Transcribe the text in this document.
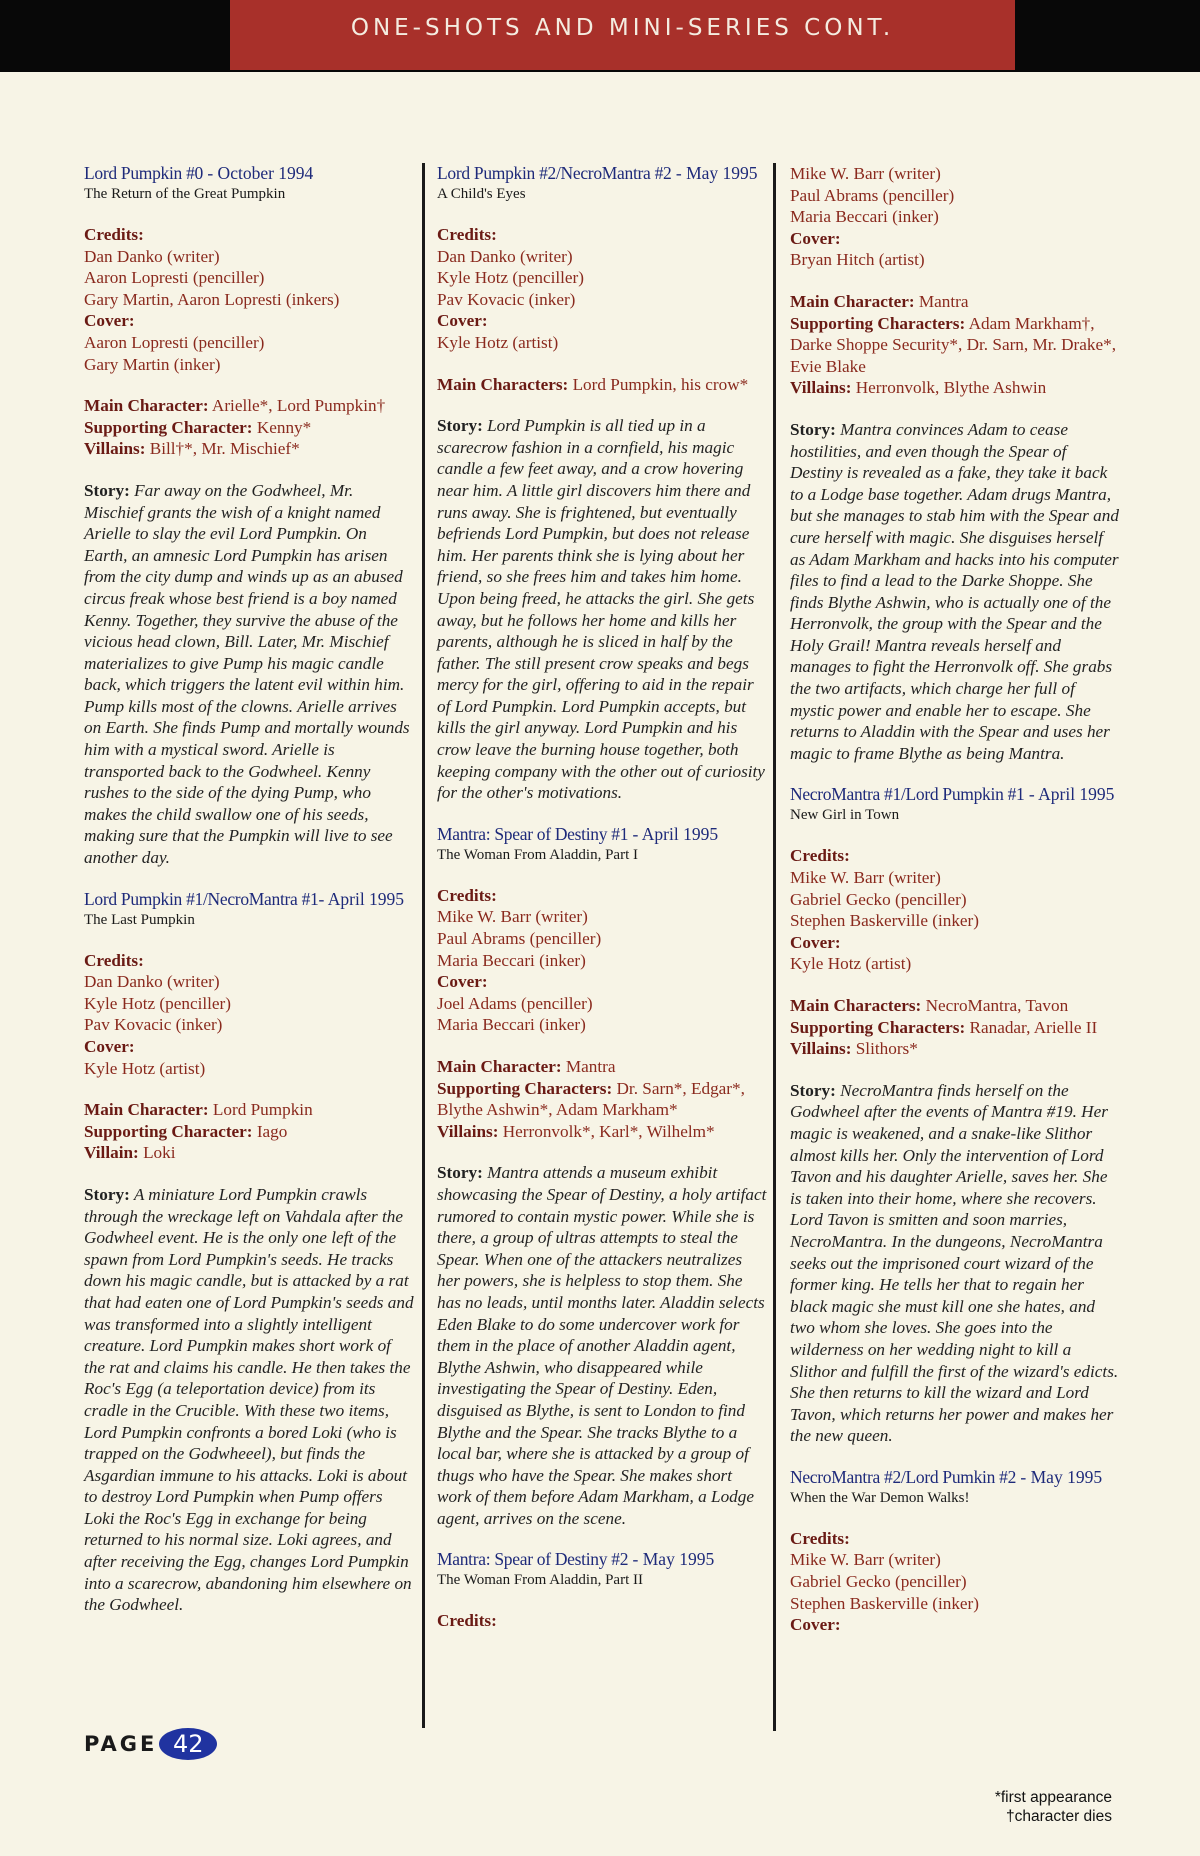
ONE-SHOTS AND MINI-SERIES CONT.
Lord Pumpkin #0 - October 1994
The Return of the Great Pumpkin
Credits:
Dan Danko (writer)
Aaron Lopresti (penciller)
Gary Martin, Aaron Lopresti (inkers)
Cover:
Aaron Lopresti (penciller)
Gary Martin (inker)
Main Character: Arielle*, Lord Pumpkin†
Supporting Character: Kenny*
Villains: Bill†*, Mr. Mischief*
Story: Far away on the Godwheel, Mr. Mischief grants the wish of a knight named Arielle to slay the evil Lord Pumpkin. On Earth, an amnesic Lord Pumpkin has arisen from the city dump and winds up as an abused circus freak whose best friend is a boy named Kenny. Together, they survive the abuse of the vicious head clown, Bill. Later, Mr. Mischief materializes to give Pump his magic candle back, which triggers the latent evil within him. Pump kills most of the clowns. Arielle arrives on Earth. She finds Pump and mortally wounds him with a mystical sword. Arielle is transported back to the Godwheel. Kenny rushes to the side of the dying Pump, who makes the child swallow one of his seeds, making sure that the Pumpkin will live to see another day.
Lord Pumpkin #1/NecroMantra #1- April 1995
The Last Pumpkin
Credits:
Dan Danko (writer)
Kyle Hotz (penciller)
Pav Kovacic (inker)
Cover:
Kyle Hotz (artist)
Main Character: Lord Pumpkin
Supporting Character: Iago
Villain: Loki
Story: A miniature Lord Pumpkin crawls through the wreckage left on Vahdala after the Godwheel event. He is the only one left of the spawn from Lord Pumpkin's seeds. He tracks down his magic candle, but is attacked by a rat that had eaten one of Lord Pumpkin's seeds and was transformed into a slightly intelligent creature. Lord Pumpkin makes short work of the rat and claims his candle. He then takes the Roc's Egg (a teleportation device) from its cradle in the Crucible. With these two items, Lord Pumpkin confronts a bored Loki (who is trapped on the Godwheeel), but finds the Asgardian immune to his attacks. Loki is about to destroy Lord Pumpkin when Pump offers Loki the Roc's Egg in exchange for being returned to his normal size. Loki agrees, and after receiving the Egg, changes Lord Pumpkin into a scarecrow, abandoning him elsewhere on the Godwheel.
Lord Pumpkin #2/NecroMantra #2 - May 1995
A Child's Eyes
Credits:
Dan Danko (writer)
Kyle Hotz (penciller)
Pav Kovacic (inker)
Cover:
Kyle Hotz (artist)
Main Characters: Lord Pumpkin, his crow*
Story: Lord Pumpkin is all tied up in a scarecrow fashion in a cornfield, his magic candle a few feet away, and a crow hovering near him. A little girl discovers him there and runs away. She is frightened, but eventually befriends Lord Pumpkin, but does not release him. Her parents think she is lying about her friend, so she frees him and takes him home. Upon being freed, he attacks the girl. She gets away, but he follows her home and kills her parents, although he is sliced in half by the father. The still present crow speaks and begs mercy for the girl, offering to aid in the repair of Lord Pumpkin. Lord Pumpkin accepts, but kills the girl anyway. Lord Pumpkin and his crow leave the burning house together, both keeping company with the other out of curiosity for the other's motivations.
Mantra: Spear of Destiny #1 - April 1995
The Woman From Aladdin, Part I
Credits:
Mike W. Barr (writer)
Paul Abrams (penciller)
Maria Beccari (inker)
Cover:
Joel Adams (penciller)
Maria Beccari (inker)
Main Character: Mantra
Supporting Characters: Dr. Sarn*, Edgar*, Blythe Ashwin*, Adam Markham*
Villains: Herronvolk*, Karl*, Wilhelm*
Story: Mantra attends a museum exhibit showcasing the Spear of Destiny, a holy artifact rumored to contain mystic power. While she is there, a group of ultras attempts to steal the Spear. When one of the attackers neutralizes her powers, she is helpless to stop them. She has no leads, until months later. Aladdin selects Eden Blake to do some undercover work for them in the place of another Aladdin agent, Blythe Ashwin, who disappeared while investigating the Spear of Destiny. Eden, disguised as Blythe, is sent to London to find Blythe and the Spear. She tracks Blythe to a local bar, where she is attacked by a group of thugs who have the Spear. She makes short work of them before Adam Markham, a Lodge agent, arrives on the scene.
Mantra: Spear of Destiny #2 - May 1995
The Woman From Aladdin, Part II
Credits:
Mike W. Barr (writer)
Paul Abrams (penciller)
Maria Beccari (inker)
Cover:
Bryan Hitch (artist)
Main Character: Mantra
Supporting Characters: Adam Markham†, Darke Shoppe Security*, Dr. Sarn, Mr. Drake*, Evie Blake
Villains: Herronvolk, Blythe Ashwin
Story: Mantra convinces Adam to cease hostilities, and even though the Spear of Destiny is revealed as a fake, they take it back to a Lodge base together. Adam drugs Mantra, but she manages to stab him with the Spear and cure herself with magic. She disguises herself as Adam Markham and hacks into his computer files to find a lead to the Darke Shoppe. She finds Blythe Ashwin, who is actually one of the Herronvolk, the group with the Spear and the Holy Grail! Mantra reveals herself and manages to fight the Herronvolk off. She grabs the two artifacts, which charge her full of mystic power and enable her to escape. She returns to Aladdin with the Spear and uses her magic to frame Blythe as being Mantra.
NecroMantra #1/Lord Pumpkin #1 - April 1995
New Girl in Town
Credits:
Mike W. Barr (writer)
Gabriel Gecko (penciller)
Stephen Baskerville (inker)
Cover:
Kyle Hotz (artist)
Main Characters: NecroMantra, Tavon
Supporting Characters: Ranadar, Arielle II
Villains: Slithors*
Story: NecroMantra finds herself on the Godwheel after the events of Mantra #19. Her magic is weakened, and a snake-like Slithor almost kills her. Only the intervention of Lord Tavon and his daughter Arielle, saves her. She is taken into their home, where she recovers. Lord Tavon is smitten and soon marries, NecroMantra. In the dungeons, NecroMantra seeks out the imprisoned court wizard of the former king. He tells her that to regain her black magic she must kill one she hates, and two whom she loves. She goes into the wilderness on her wedding night to kill a Slithor and fulfill the first of the wizard's edicts. She then returns to kill the wizard and Lord Tavon, which returns her power and makes her the new queen.
NecroMantra #2/Lord Pumkin #2 - May 1995
When the War Demon Walks!
Credits:
Mike W. Barr (writer)
Gabriel Gecko (penciller)
Stephen Baskerville (inker)
Cover:
PAGE 42
*first appearance
†character dies
